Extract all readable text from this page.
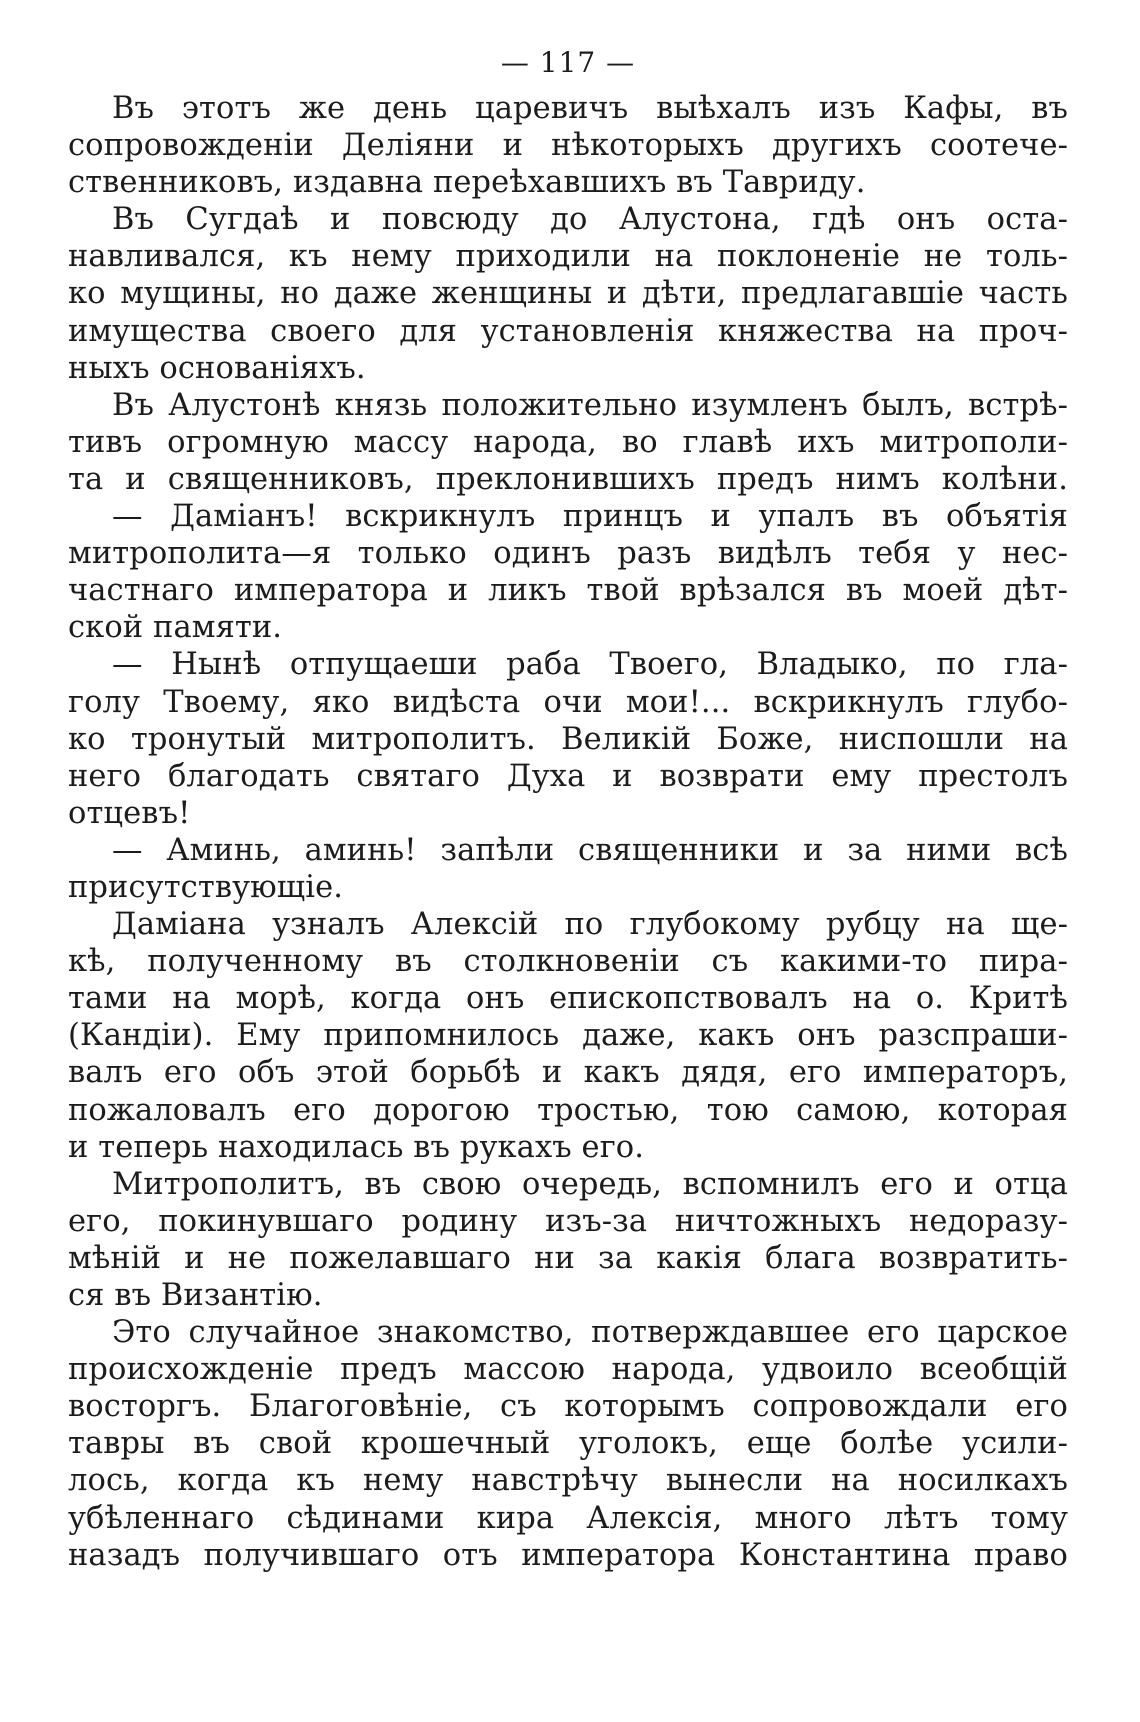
— 117 —
Въ этотъ же день царевичъ выѣхалъ изъ Кафы, въ
сопровожденіи Деліяни и нѣкоторыхъ другихъ соотече-
ственниковъ, издавна переѣхавшихъ въ Тавриду.
Въ Сугдаѣ и повсюду до Алустона, гдѣ онъ оста-
навливался, къ нему приходили на поклоненіе не толь-
ко мущины, но даже женщины и дѣти, предлагавшіе часть
имущества своего для установленія княжества на проч-
ныхъ основаніяхъ.
Въ Алустонѣ князь положительно изумленъ былъ, встрѣ-
тивъ огромную массу народа, во главѣ ихъ митрополи-
та и священниковъ, преклонившихъ предъ нимъ колѣни.
— Даміанъ! вскрикнулъ принцъ и упалъ въ объятія
митрополита—я только одинъ разъ видѣлъ тебя у нес-
частнаго императора и ликъ твой врѣзался въ моей дѣт-
ской памяти.
— Нынѣ отпущаеши раба Твоего, Владыко, по гла-
голу Твоему, яко видѣста очи мои!... вскрикнулъ глубо-
ко тронутый митрополитъ. Великій Боже, ниспошли на
него благодать святаго Духа и возврати ему престолъ
отцевъ!
— Аминь, аминь! запѣли священники и за ними всѣ
присутствующіе.
Даміана узналъ Алексій по глубокому рубцу на щe-
кѣ, полученному въ столкновеніи съ какими-то пира-
тами на морѣ, когда онъ епископствовалъ на о. Критѣ
(Кандіи). Ему припомнилось даже, какъ онъ разспраши-
валъ его объ этой борьбѣ и какъ дядя, его императоръ,
пожаловалъ его дорогою тростью, тою самою, которая
и теперь находилась въ рукахъ его.
Митрополитъ, въ свою очередь, вспомнилъ его и отца
его, покинувшаго родину изъ-за ничтожныхъ недоразу-
мѣній и не пожелавшаго ни за какія блага возвратить-
ся въ Византію.
Это случайное знакомство, потверждавшее его царское
происхожденіе предъ массою народа, удвоило всеобщій
восторгъ. Благоговѣніе, съ которымъ сопровождали его
тавры въ свой крошечный уголокъ, еще болѣе усили-
лось, когда къ нему навстрѣчу вынесли на носилкахъ
убѣленнаго сѣдинами кира Алексія, много лѣтъ тому
назадъ получившаго отъ императора Константина право
